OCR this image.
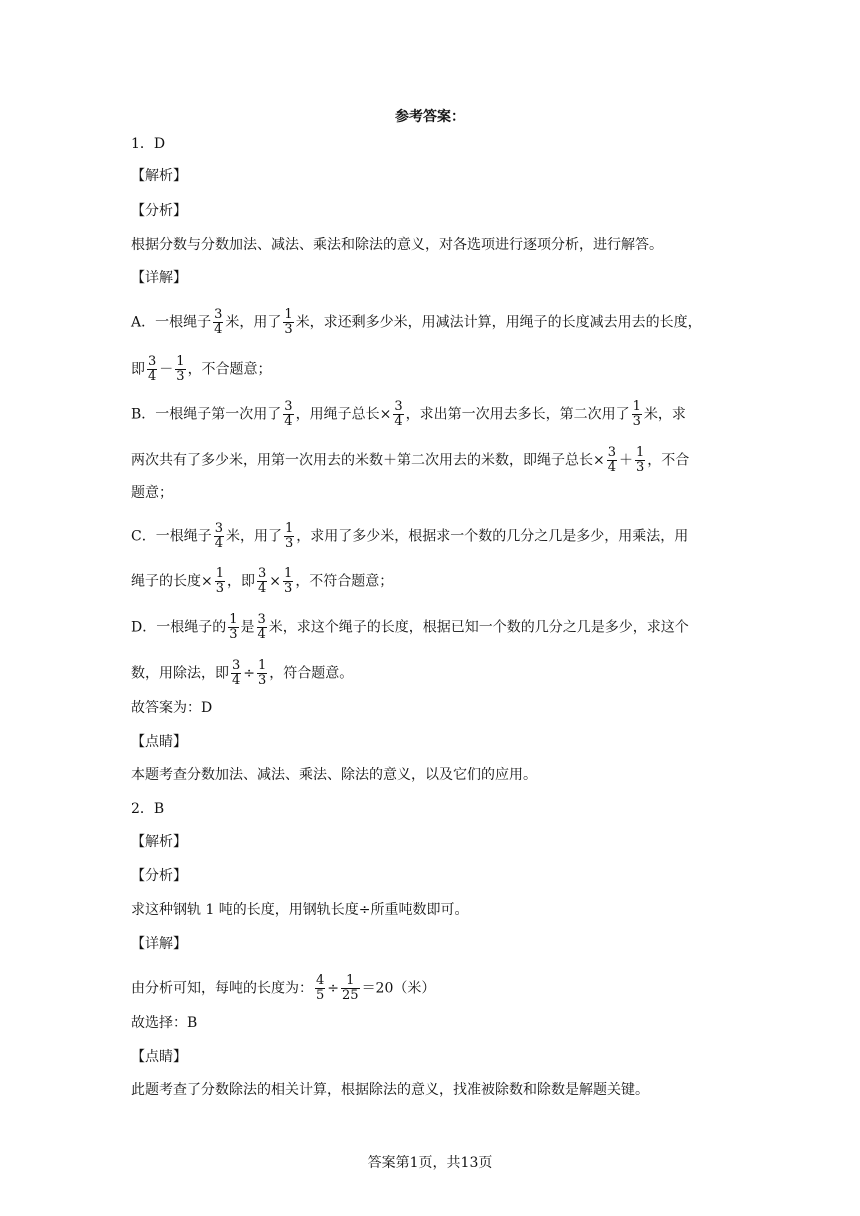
参考答案：
1．D
【解析】
【分析】
根据分数与分数加法、减法、乘法和除法的意义，对各选项进行逐项分析，进行解答。
【详解】
A．一根绳子 $\frac{3}{4}$ 米，用了 $\frac{1}{3}$ 米，求还剩多少米，用减法计算，用绳子的长度减去用去的长度，
即 $\frac{3}{4} - \frac{1}{3}$ ，不合题意；
B．一根绳子第一次用了 $\frac{3}{4}$ ，用绳子总长× $\frac{3}{4}$ ，求出第一次用去多长，第二次用了 $\frac{1}{3}$ 米，求
两次共有了多少米，用第一次用去的米数＋第二次用去的米数，即绳子总长× $\frac{3}{4} + \frac{1}{3}$ ，不合
题意；
C．一根绳子 $\frac{3}{4}$ 米，用了 $\frac{1}{3}$ ，求用了多少米，根据求一个数的几分之几是多少，用乘法，用
绳子的长度× $\frac{1}{3}$ ，即 $\frac{3}{4} \times \frac{1}{3}$ ，不符合题意；
D．一根绳子的 $\frac{1}{3}$ 是 $\frac{3}{4}$ 米，求这个绳子的长度，根据已知一个数的几分之几是多少，求这个
数，用除法，即 $\frac{3}{4} \div \frac{1}{3}$ ，符合题意。
故答案为：D
【点睛】
本题考查分数加法、减法、乘法、除法的意义，以及它们的应用。
2．B
【解析】
【分析】
求这种钢轨 1 吨的长度，用钢轨长度÷所重吨数即可。
【详解】
由分析可知，每吨的长度为： $\frac{4}{5} \div \frac{1}{25} =20$（米）
故选择：B
【点睛】
此题考查了分数除法的相关计算，根据除法的意义，找准被除数和除数是解题关键。
答案第1页，共13页
